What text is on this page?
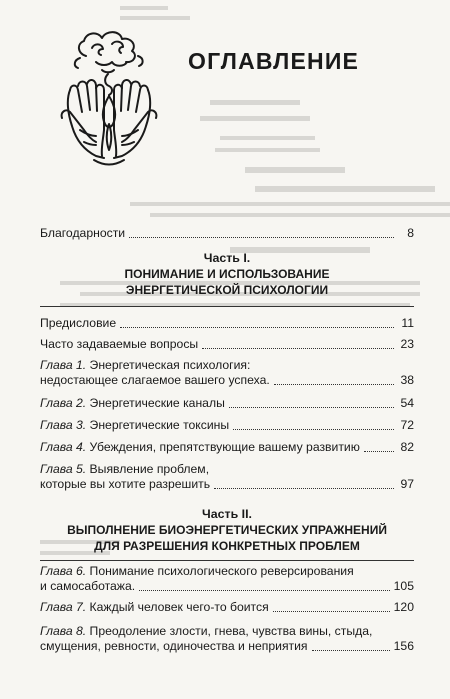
ОГЛАВЛЕНИЕ
Благодарности	8
Часть I.
ПОНИМАНИЕ И ИСПОЛЬЗОВАНИЕ
ЭНЕРГЕТИЧЕСКОЙ ПСИХОЛОГИИ
Предисловие	11
Часто задаваемые вопросы	23
Глава 1. Энергетическая психология:
недостающее слагаемое вашего успеха.	38
Глава 2. Энергетические каналы	54
Глава 3. Энергетические токсины	72
Глава 4. Убеждения, препятствующие вашему развитию	82
Глава 5. Выявление проблем,
которые вы хотите разрешить	97
Часть II.
ВЫПОЛНЕНИЕ БИОЭНЕРГЕТИЧЕСКИХ УПРАЖНЕНИЙ
ДЛЯ РАЗРЕШЕНИЯ КОНКРЕТНЫХ ПРОБЛЕМ
Глава 6. Понимание психологического реверсирования
и самосаботажа.	105
Глава 7. Каждый человек чего-то боится	120
Глава 8. Преодоление злости, гнева, чувства вины, стыда,
смущения, ревности, одиночества и неприятия	156
